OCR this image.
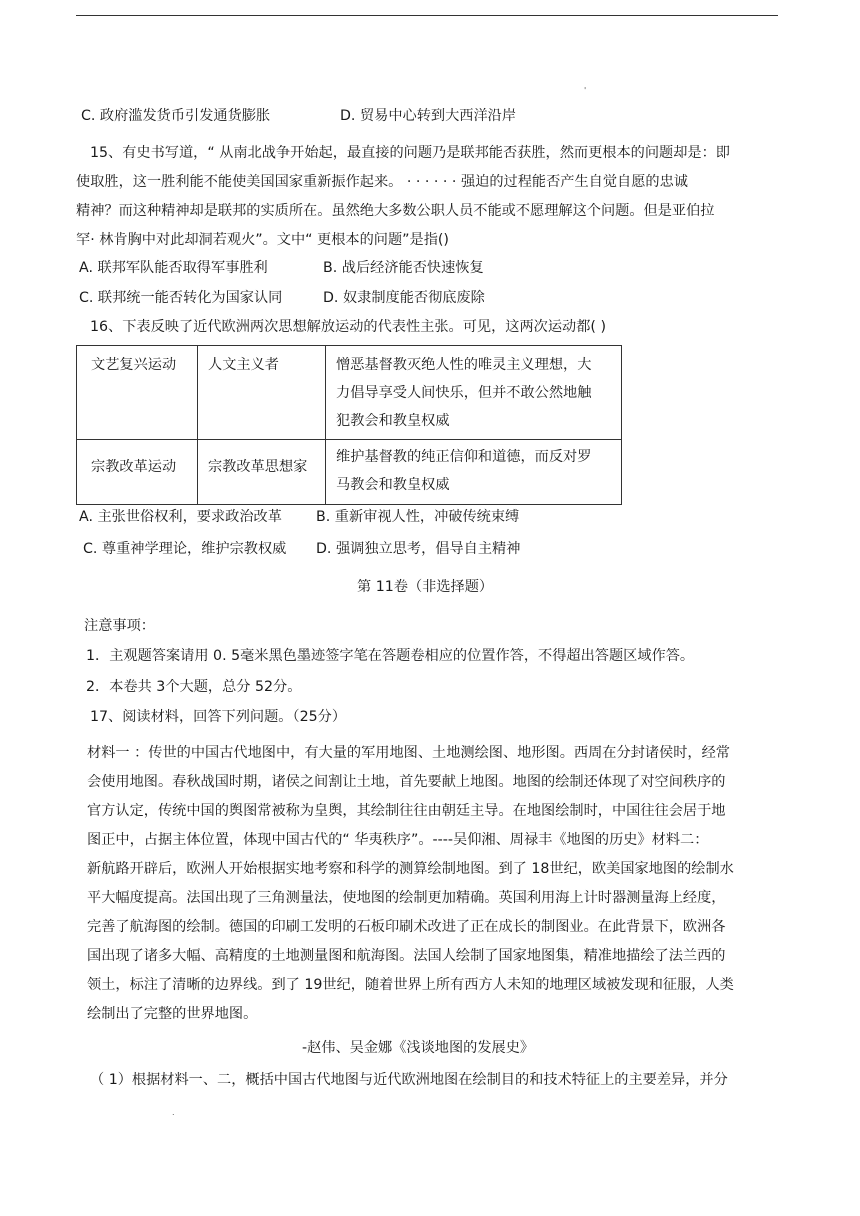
'
C. 政府滥发货币引发通货膨胀	D. 贸易中心转到大西洋沿岸
15、有史书写道，“ 从南北战争开始起，最直接的问题乃是联邦能否获胜，然而更根本的问题却是：即
使取胜，这一胜利能不能使美国国家重新振作起来。 · · · · · · 强迫的过程能否产生自觉自愿的忠诚
精神？而这种精神却是联邦的实质所在。虽然绝大多数公职人员不能或不愿理解这个问题。但是亚伯拉
罕· 林肯胸中对此却洞若观火”。文中“ 更根本的问题”是指()
A. 联邦军队能否取得军事胜利	B. 战后经济能否快速恢复
C. 联邦统一能否转化为国家认同	D. 奴隶制度能否彻底废除
16、下表反映了近代欧洲两次思想解放运动的代表性主张。可见，这两次运动都( )
文艺复兴运动	人文主义者	憎恶基督教灭绝人性的唯灵主义理想，大
力倡导享受人间快乐，但并不敢公然地触
犯教会和教皇权威

宗教改革运动	宗教改革思想家	维护基督教的纯正信仰和道德，而反对罗
马教会和教皇权威
A. 主张世俗权利，要求政治改革 B. 重新审视人性，冲破传统束缚
C. 尊重神学理论，维护宗教权威 D. 强调独立思考，倡导自主精神
第 11卷（非选择题）
注意事项：
1．主观题答案请用 0. 5毫米黑色墨迹签字笔在答题卷相应的位置作答，不得超出答题区域作答。
2．本卷共 3个大题，总分 52分。
17、阅读材料，回答下列问题。（25分）
材料一 ：传世的中国古代地图中，有大量的军用地图、土地测绘图、地形图。西周在分封诸侯时，经常
会使用地图。春秋战国时期，诸侯之间割让土地，首先要献上地图。地图的绘制还体现了对空间秩序的
官方认定，传统中国的舆图常被称为皇舆，其绘制往往由朝廷主导。在地图绘制时，中国往往会居于地
图正中，占据主体位置，体现中国古代的“ 华夷秩序”。----吴仰湘、周禄丰《地图的历史》材料二：
新航路开辟后，欧洲人开始根据实地考察和科学的测算绘制地图。到了 18世纪，欧美国家地图的绘制水
平大幅度提高。法国出现了三角测量法，使地图的绘制更加精确。英国利用海上计时器测量海上经度，
完善了航海图的绘制。德国的印刷工发明的石板印刷术改进了正在成长的制图业。在此背景下，欧洲各
国出现了诸多大幅、高精度的土地测量图和航海图。法国人绘制了国家地图集，精准地描绘了法兰西的
领土，标注了清晰的边界线。到了 19世纪，随着世界上所有西方人未知的地理区域被发现和征服，人类
绘制出了完整的世界地图。
-赵伟、吴金娜《浅谈地图的发展史》
（ 1）根据材料一、二，概括中国古代地图与近代欧洲地图在绘制目的和技术特征上的主要差异，并分
.
